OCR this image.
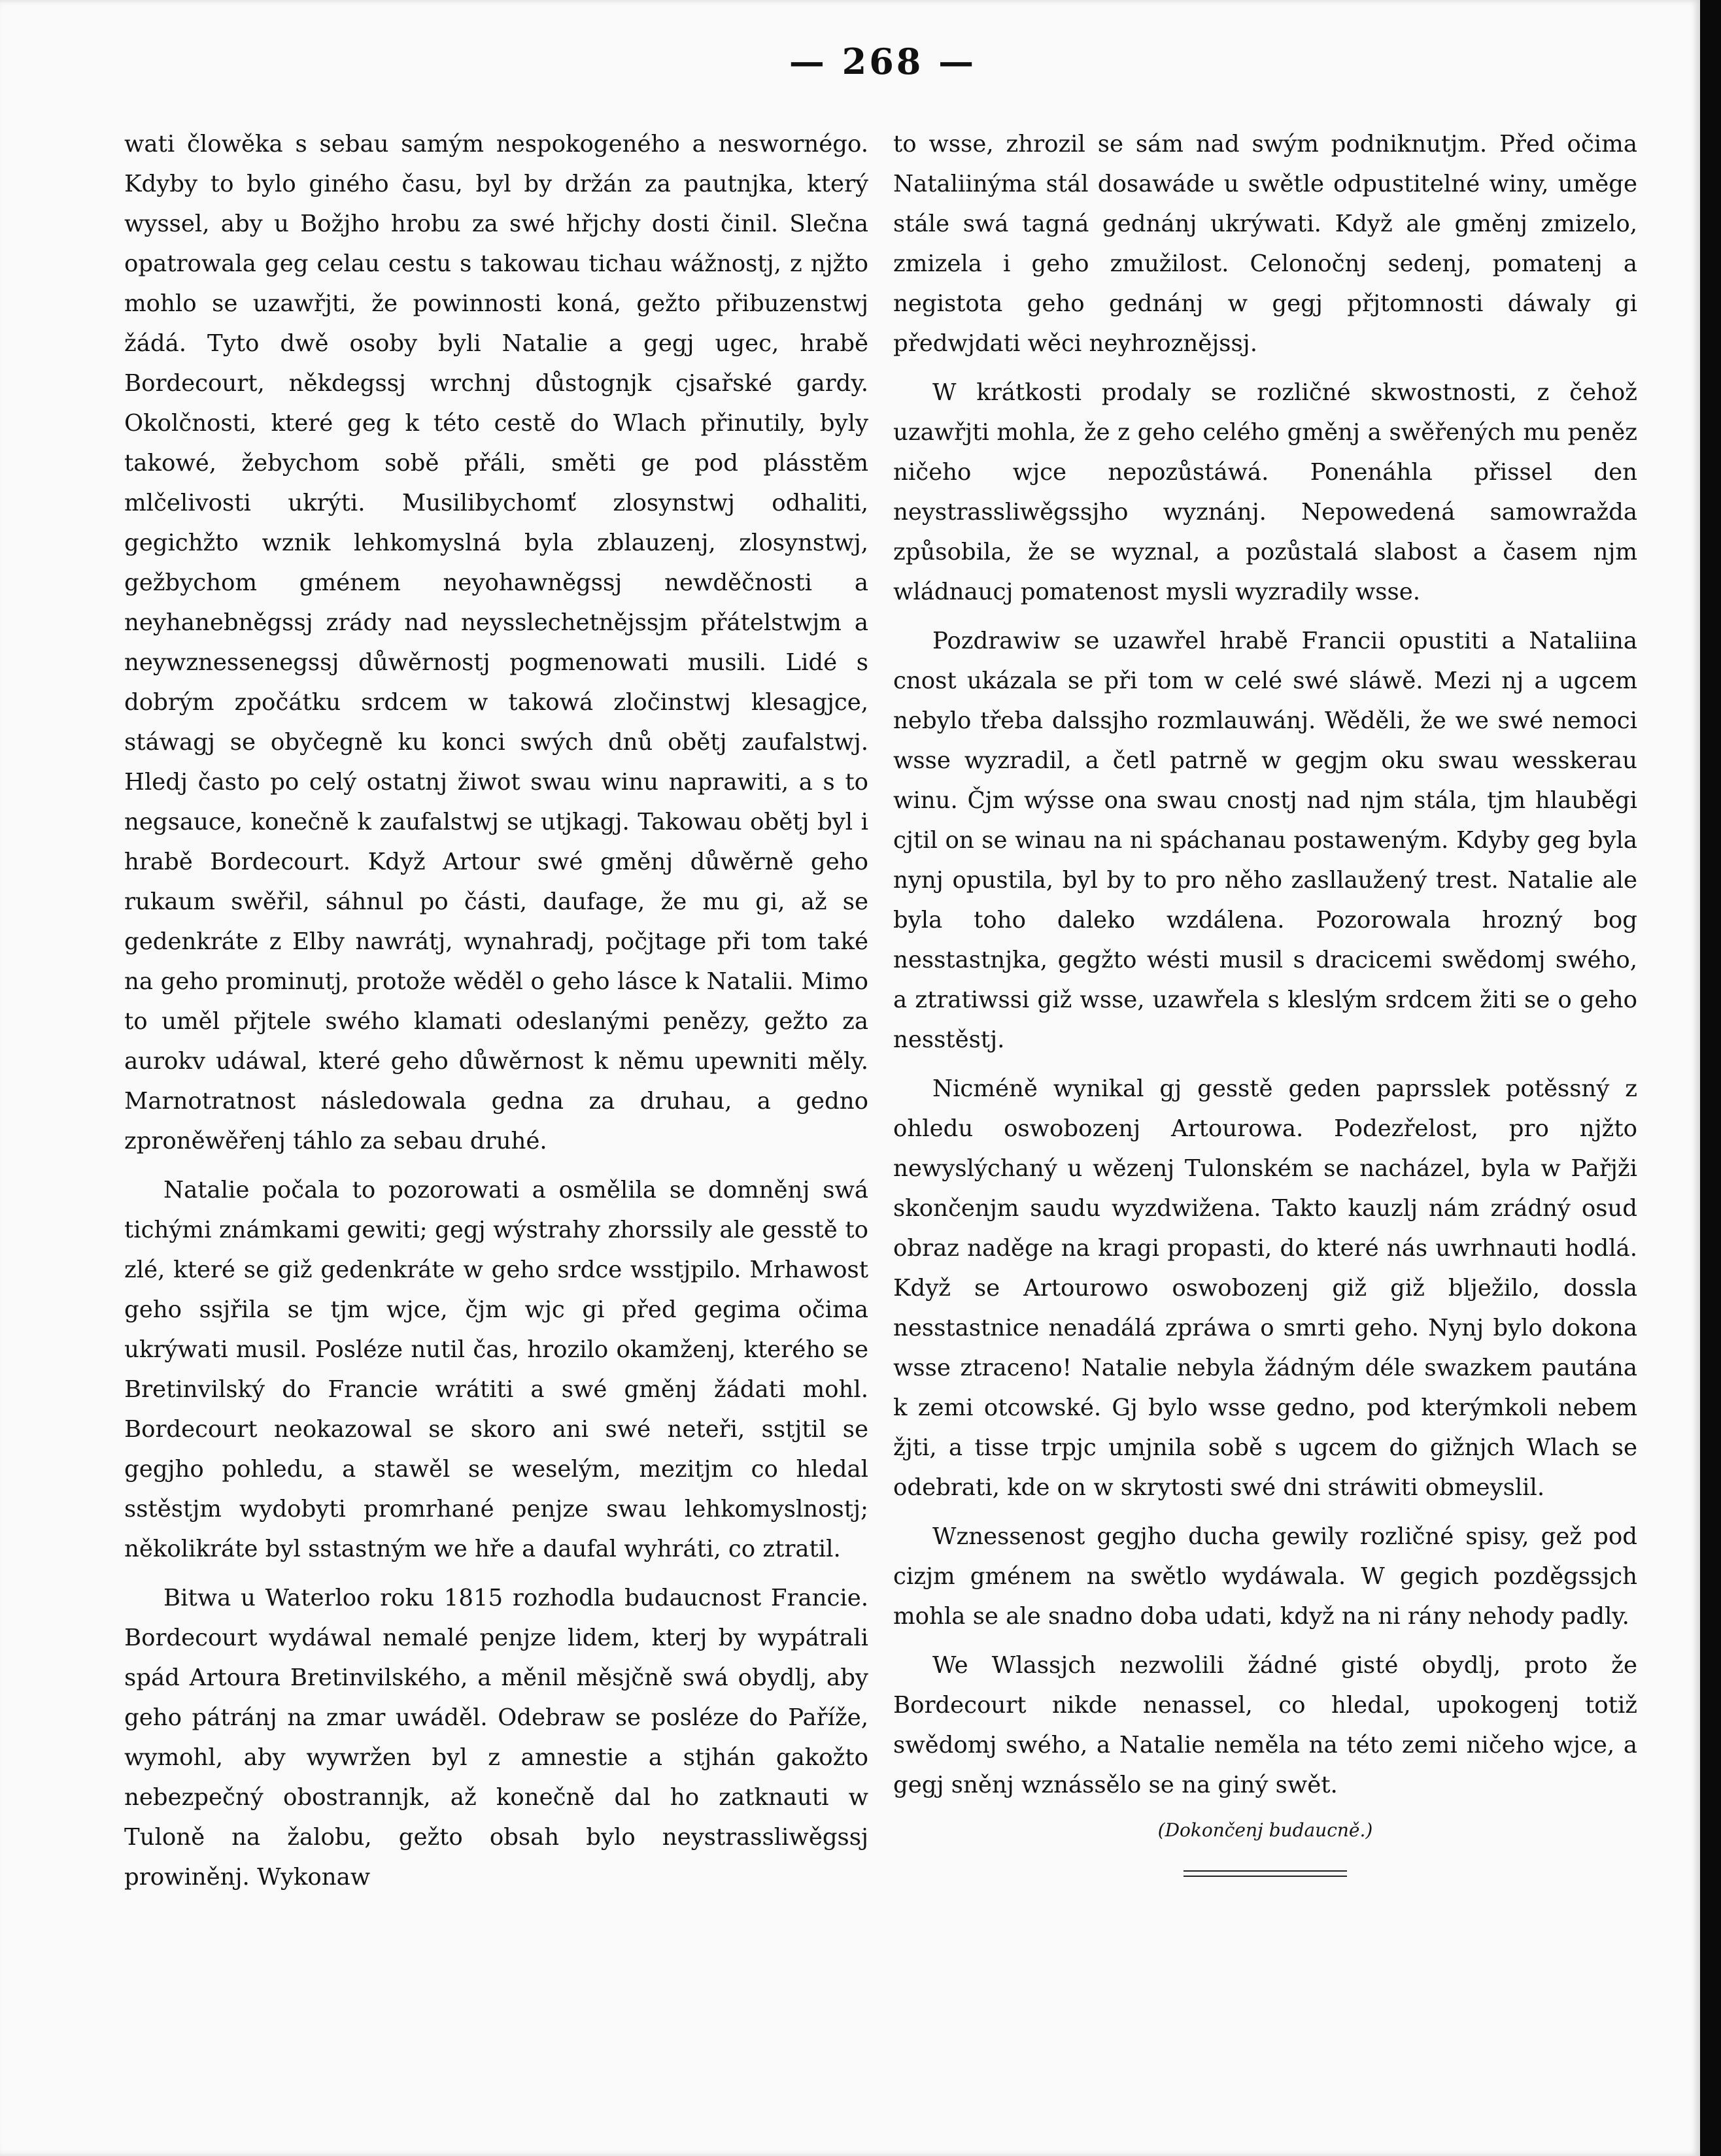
— 268 —

wati člowěka s sebau samým nespokogeného a neswornégo. Kdyby to bylo giného času, byl by držán za pautnjka, který wyssel, aby u Božjho hrobu za swé hřjchy dosti činil. Slečna opatrowala geg celau cestu s takowau tichau wážnostj, z njžto mohlo se uzawřjti, že powinnosti koná, gežto přibuzenstwj žádá. Tyto dwě osoby byli Natalie a gegj ugec, hrabě Bordecourt, někdegssj wrchnj důstognjk cjsařské gardy. Okolčnosti, které geg k této cestě do Wlach přinutily, byly takowé, žebychom sobě přáli, směti ge pod plásstěm mlčelivosti ukrýti. Musilibychomť zlosynstwj odhaliti, gegichžto wznik lehkomyslná byla zblauzenj, zlosynstwj, gežbychom gménem neyohawněgssj newděčnosti a neyhanebněgssj zrády nad neysslechetnějssjm přátelstwjm a neywznessenegssj důwěrnostj pogmenowati musili. Lidé s dobrým zpočátku srdcem w takowá zločinstwj klesagjce, stáwagj se obyčegně ku konci swých dnů obětj zaufalstwj. Hledj často po celý ostatnj žiwot swau winu naprawiti, a s to negsauce, konečně k zaufalstwj se utjkagj. Takowau obětj byl i hrabě Bordecourt. Když Artour swé gměnj důwěrně geho rukaum swěřil, sáhnul po části, daufage, že mu gi, až se gedenkráte z Elby nawrátj, wynahradj, počjtage při tom také na geho prominutj, protože wěděl o geho lásce k Natalii. Mimo to uměl přjtele swého klamati odeslanými penězy, gežto za aurokv udáwal, které geho důwěrnost k němu upewniti měly. Marnotratnost následowala gedna za druhau, a gedno zproněwěřenj táhlo za sebau druhé.

Natalie počala to pozorowati a osmělila se domněnj swá tichými známkami gewiti; gegj wýstrahy zhorssily ale gesstě to zlé, které se giž gedenkráte w geho srdce wsstjpilo. Mrhawost geho ssjřila se tjm wjce, čjm wjc gi před gegima očima ukrýwati musil. Posléze nutil čas, hrozilo okamženj, kterého se Bretinvilský do Francie wrátiti a swé gměnj žádati mohl. Bordecourt neokazowal se skoro ani swé neteři, sstjtil se gegjho pohledu, a stawěl se weselým, mezitjm co hledal sstěstjm wydobyti promrhané penjze swau lehkomyslnostj; několikráte byl sstastným we hře a daufal wyhráti, co ztratil.

Bitwa u Waterloo roku 1815 rozhodla budaucnost Francie. Bordecourt wydáwal nemalé penjze lidem, kterj by wypátrali spád Artoura Bretinvilského, a měnil měsjčně swá obydlj, aby geho pátránj na zmar uwáděl. Odebraw se posléze do Paříže, wymohl, aby wywržen byl z amnestie a stjhán gakožto nebezpečný obostrannjk, až konečně dal ho zatknauti w Tuloně na žalobu, gežto obsah bylo neystrassliwěgssj prowiněnj. Wykonaw

to wsse, zhrozil se sám nad swým podniknutjm. Před očima Nataliinýma stál dosawáde u swětle odpustitelné winy, uměge stále swá tagná gednánj ukrýwati. Když ale gměnj zmizelo, zmizela i geho zmužilost. Celonočnj sedenj, pomatenj a negistota geho gednánj w gegj přjtomnosti dáwaly gi předwjdati wěci neyhroznějssj.

W krátkosti prodaly se rozličné skwostnosti, z čehož uzawřjti mohla, že z geho celého gměnj a swěřených mu peněz ničeho wjce nepozůstáwá. Ponenáhla přissel den neystrassliwěgssjho wyznánj. Nepowedená samowražda způsobila, že se wyznal, a pozůstalá slabost a časem njm wládnaucj pomatenost mysli wyzradily wsse.

Pozdrawiw se uzawřel hrabě Francii opustiti a Nataliina cnost ukázala se při tom w celé swé sláwě. Mezi nj a ugcem nebylo třeba dalssjho rozmlauwánj. Wěděli, že we swé nemoci wsse wyzradil, a četl patrně w gegjm oku swau wesskerau winu. Čjm wýsse ona swau cnostj nad njm stála, tjm hlauběgi cjtil on se winau na ni spáchanau postaweným. Kdyby geg byla nynj opustila, byl by to pro něho zasllaužený trest. Natalie ale byla toho daleko wzdálena. Pozorowala hrozný bog nesstastnjka, gegžto wésti musil s dracicemi swědomj swého, a ztratiwssi giž wsse, uzawřela s kleslým srdcem žiti se o geho nesstěstj.

Nicméně wynikal gj gesstě geden paprsslek potěssný z ohledu oswobozenj Artourowa. Podezřelost, pro njžto newyslýchaný u wězenj Tulonském se nacházel, byla w Pařjži skončenjm saudu wyzdwižena. Takto kauzlj nám zrádný osud obraz naděge na kragi propasti, do které nás uwrhnauti hodlá. Když se Artourowo oswobozenj giž giž blježilo, dossla nesstastnice nenadálá zpráwa o smrti geho. Nynj bylo dokona wsse ztraceno! Natalie nebyla žádným déle swazkem pautána k zemi otcowské. Gj bylo wsse gedno, pod kterýmkoli nebem žjti, a tisse trpjc umjnila sobě s ugcem do gižnjch Wlach se odebrati, kde on w skrytosti swé dni stráwiti obmeyslil.

Wznessenost gegjho ducha gewily rozličné spisy, gež pod cizjm gménem na swětlo wydáwala. W gegich pozděgssjch mohla se ale snadno doba udati, když na ni rány nehody padly.

We Wlassjch nezwolili žádné gisté obydlj, proto že Bordecourt nikde nenassel, co hledal, upokogenj totiž swědomj swého, a Natalie neměla na této zemi ničeho wjce, a gegj sněnj wznássělo se na giný swět.

(Dokončenj budaucně.)
